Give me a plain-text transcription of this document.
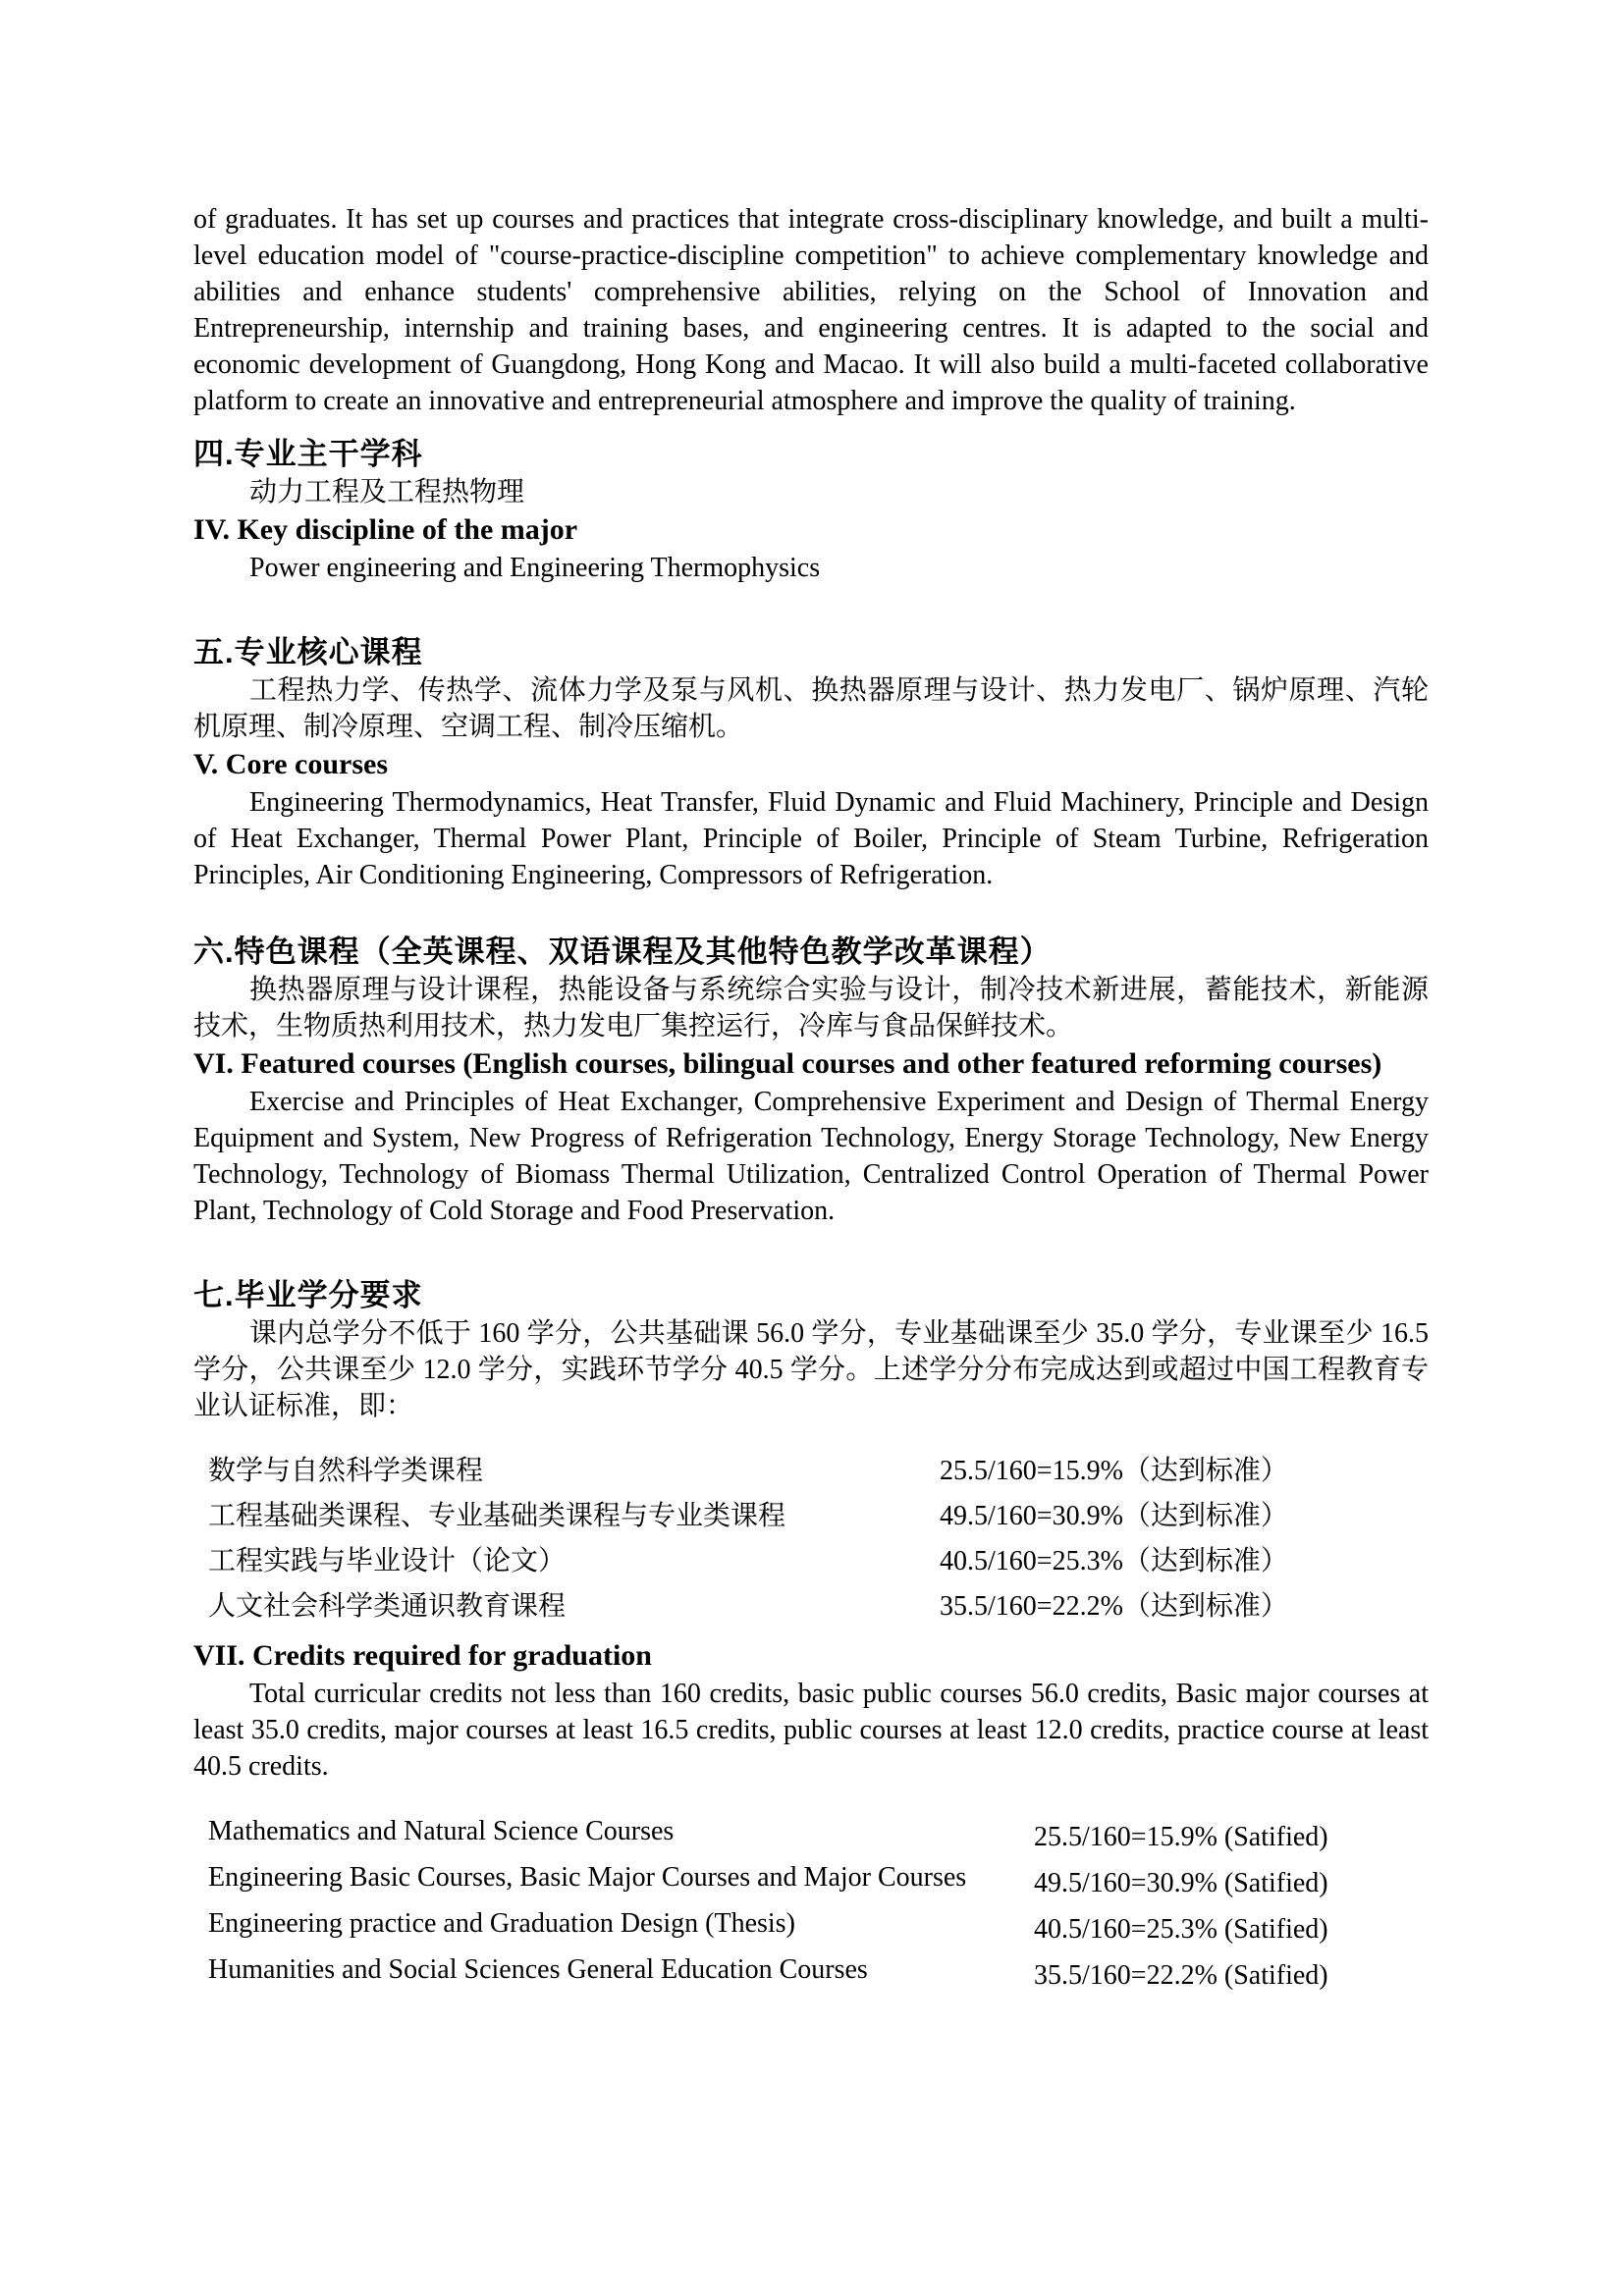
of graduates. It has set up courses and practices that integrate cross-disciplinary knowledge, and built a multi-level education model of "course-practice-discipline competition" to achieve complementary knowledge and abilities and enhance students' comprehensive abilities, relying on the School of Innovation and Entrepreneurship, internship and training bases, and engineering centres. It is adapted to the social and economic development of Guangdong, Hong Kong and Macao. It will also build a multi-faceted collaborative platform to create an innovative and entrepreneurial atmosphere and improve the quality of training.

四.专业主干学科

动力工程及工程热物理

IV. Key discipline of the major

Power engineering and Engineering Thermophysics

五.专业核心课程

工程热力学、传热学、流体力学及泵与风机、换热器原理与设计、热力发电厂、锅炉原理、汽轮机原理、制冷原理、空调工程、制冷压缩机。

V. Core courses

Engineering Thermodynamics, Heat Transfer, Fluid Dynamic and Fluid Machinery, Principle and Design of Heat Exchanger, Thermal Power Plant, Principle of Boiler, Principle of Steam Turbine, Refrigeration Principles, Air Conditioning Engineering, Compressors of Refrigeration.

六.特色课程（全英课程、双语课程及其他特色教学改革课程）

换热器原理与设计课程，热能设备与系统综合实验与设计，制冷技术新进展，蓄能技术，新能源技术，生物质热利用技术，热力发电厂集控运行，冷库与食品保鲜技术。

VI. Featured courses (English courses, bilingual courses and other featured reforming courses)

Exercise and Principles of Heat Exchanger, Comprehensive Experiment and Design of Thermal Energy Equipment and System, New Progress of Refrigeration Technology, Energy Storage Technology, New Energy Technology, Technology of Biomass Thermal Utilization, Centralized Control Operation of Thermal Power Plant, Technology of Cold Storage and Food Preservation.

七.毕业学分要求

课内总学分不低于 160 学分，公共基础课 56.0 学分，专业基础课至少 35.0 学分，专业课至少 16.5 学分，公共课至少 12.0 学分，实践环节学分 40.5 学分。上述学分分布完成达到或超过中国工程教育专业认证标准，即：

数学与自然科学类课程	25.5/160=15.9%（达到标准）
工程基础类课程、专业基础类课程与专业类课程	49.5/160=30.9%（达到标准）
工程实践与毕业设计（论文）	40.5/160=25.3%（达到标准）
人文社会科学类通识教育课程	35.5/160=22.2%（达到标准）
VII. Credits required for graduation

Total curricular credits not less than 160 credits, basic public courses 56.0 credits, Basic major courses at least 35.0 credits, major courses at least 16.5 credits, public courses at least 12.0 credits, practice course at least 40.5 credits.

Mathematics and Natural Science Courses	25.5/160=15.9% (Satified)
Engineering Basic Courses, Basic Major Courses and Major Courses	49.5/160=30.9% (Satified)
Engineering practice and Graduation Design (Thesis)	40.5/160=25.3% (Satified)
Humanities and Social Sciences General Education Courses	35.5/160=22.2% (Satified)
